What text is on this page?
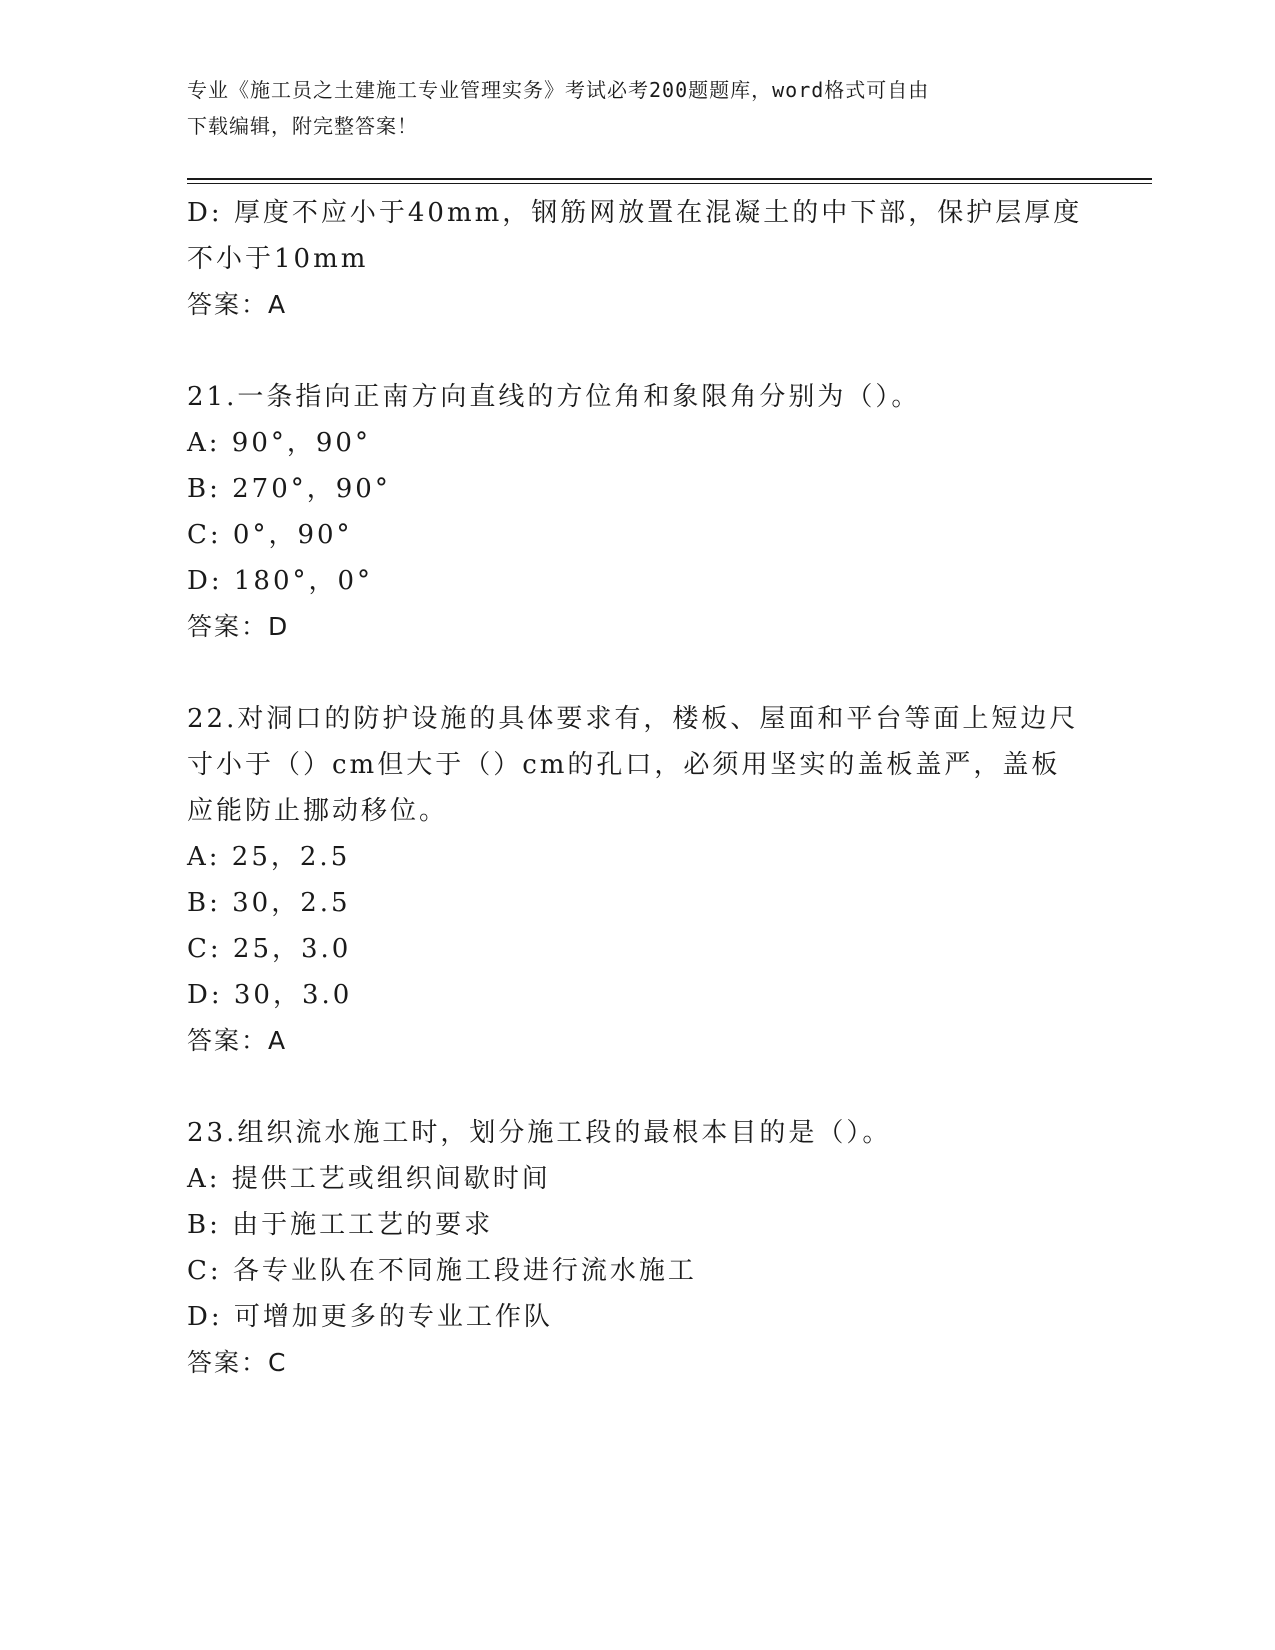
专业《施工员之土建施工专业管理实务》考试必考200题题库，word格式可自由
下载编辑，附完整答案！
D: 厚度不应小于40mm，钢筋网放置在混凝土的中下部，保护层厚度不小于10mm
答案：A
21.一条指向正南方向直线的方位角和象限角分别为（）。
A: 90°，90°
B: 270°，90°
C: 0°，90°
D: 180°，0°
答案：D
22.对洞口的防护设施的具体要求有，楼板、屋面和平台等面上短边尺寸小于（）cm但大于（）cm的孔口，必须用坚实的盖板盖严，盖板应能防止挪动移位。
A: 25，2.5
B: 30，2.5
C: 25，3.0
D: 30，3.0
答案：A
23.组织流水施工时，划分施工段的最根本目的是（）。
A: 提供工艺或组织间歇时间
B: 由于施工工艺的要求
C: 各专业队在不同施工段进行流水施工
D: 可增加更多的专业工作队
答案：C
